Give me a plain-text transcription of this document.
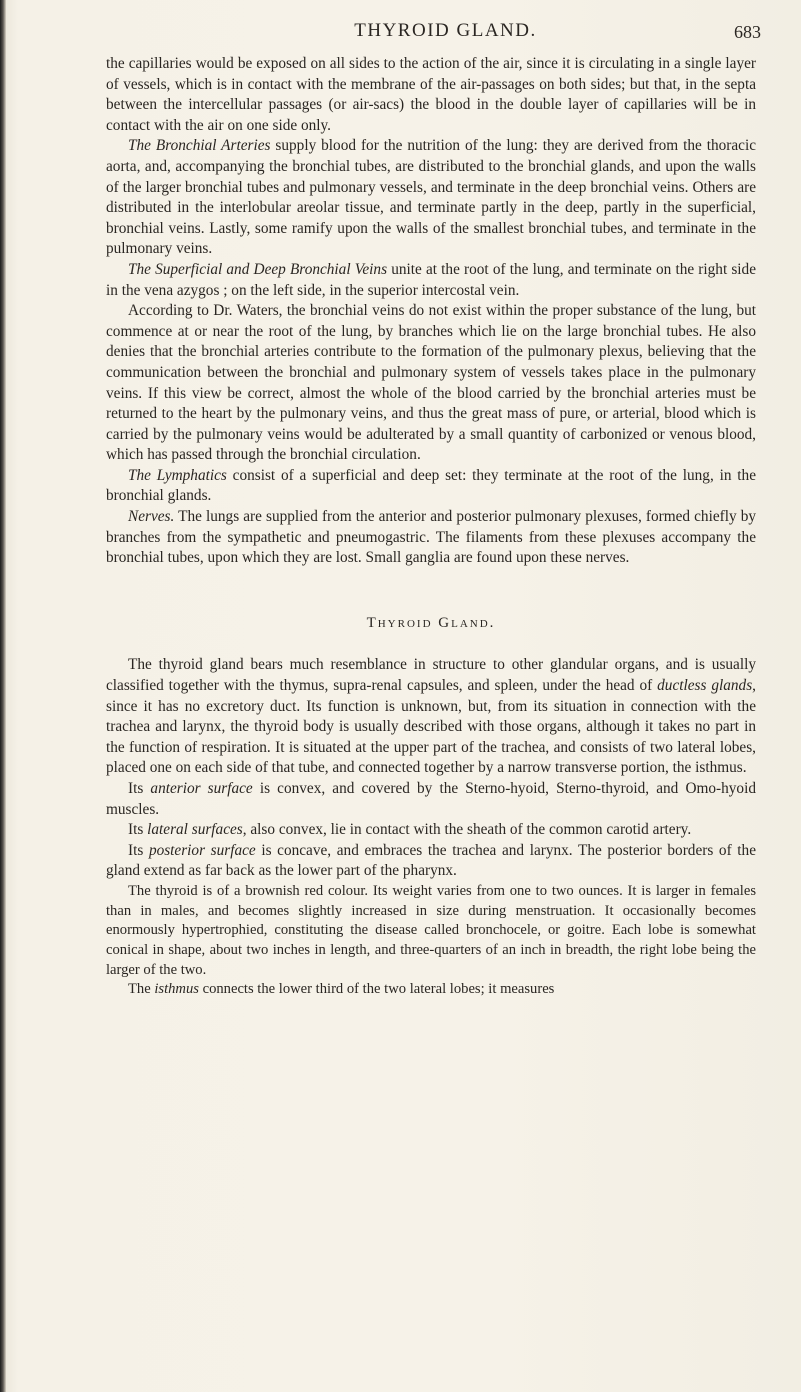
THYROID GLAND.	683

the capillaries would be exposed on all sides to the action of the air, since it is circulating in a single layer of vessels, which is in contact with the membrane of the air-passages on both sides; but that, in the septa between the intercellular passages (or air-sacs) the blood in the double layer of capillaries will be in contact with the air on one side only.

The Bronchial Arteries supply blood for the nutrition of the lung: they are derived from the thoracic aorta, and, accompanying the bronchial tubes, are distributed to the bronchial glands, and upon the walls of the larger bronchial tubes and pulmonary vessels, and terminate in the deep bronchial veins. Others are distributed in the interlobular areolar tissue, and terminate partly in the deep, partly in the superficial, bronchial veins. Lastly, some ramify upon the walls of the smallest bronchial tubes, and terminate in the pulmonary veins.

The Superficial and Deep Bronchial Veins unite at the root of the lung, and terminate on the right side in the vena azygos ; on the left side, in the superior intercostal vein.

According to Dr. Waters, the bronchial veins do not exist within the proper substance of the lung, but commence at or near the root of the lung, by branches which lie on the large bronchial tubes. He also denies that the bronchial arteries contribute to the formation of the pulmonary plexus, believing that the communication between the bronchial and pulmonary system of vessels takes place in the pulmonary veins. If this view be correct, almost the whole of the blood carried by the bronchial arteries must be returned to the heart by the pulmonary veins, and thus the great mass of pure, or arterial, blood which is carried by the pulmonary veins would be adulterated by a small quantity of carbonized or venous blood, which has passed through the bronchial circulation.

The Lymphatics consist of a superficial and deep set: they terminate at the root of the lung, in the bronchial glands.

Nerves. The lungs are supplied from the anterior and posterior pulmonary plexuses, formed chiefly by branches from the sympathetic and pneumogastric. The filaments from these plexuses accompany the bronchial tubes, upon which they are lost. Small ganglia are found upon these nerves.

Thyroid Gland.

The thyroid gland bears much resemblance in structure to other glandular organs, and is usually classified together with the thymus, supra-renal capsules, and spleen, under the head of ductless glands, since it has no excretory duct. Its function is unknown, but, from its situation in connection with the trachea and larynx, the thyroid body is usually described with those organs, although it takes no part in the function of respiration. It is situated at the upper part of the trachea, and consists of two lateral lobes, placed one on each side of that tube, and connected together by a narrow transverse portion, the isthmus.

Its anterior surface is convex, and covered by the Sterno-hyoid, Sterno-thyroid, and Omo-hyoid muscles.

Its lateral surfaces, also convex, lie in contact with the sheath of the common carotid artery.

Its posterior surface is concave, and embraces the trachea and larynx. The posterior borders of the gland extend as far back as the lower part of the pharynx.

The thyroid is of a brownish red colour. Its weight varies from one to two ounces. It is larger in females than in males, and becomes slightly increased in size during menstruation. It occasionally becomes enormously hypertrophied, constituting the disease called bronchocele, or goitre. Each lobe is somewhat conical in shape, about two inches in length, and three-quarters of an inch in breadth, the right lobe being the larger of the two.

The isthmus connects the lower third of the two lateral lobes; it measures
